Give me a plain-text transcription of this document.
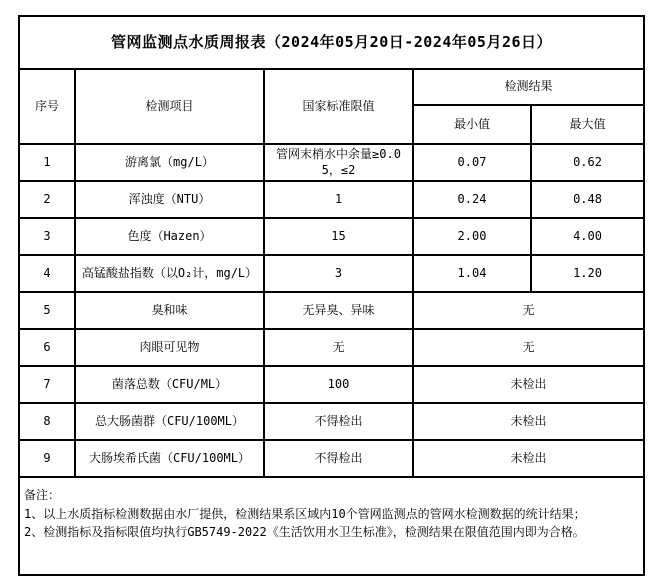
管网监测点水质周报表（2024年05月20日-2024年05月26日）				
序号	检测项目	国家标准限值	检测结果	
			最小值	最大值
1	游离氯（mg/L）	管网末梢水中余量≥0.05，≤2	0.07	0.62
2	浑浊度（NTU）	1	0.24	0.48
3	色度（Hazen）	15	2.00	4.00
4	高锰酸盐指数（以O₂计，mg/L）	3	1.04	1.20
5	臭和味	无异臭、异味	无	
6	肉眼可见物	无	无	
7	菌落总数（CFU/ML）	100	未检出	
8	总大肠菌群（CFU/100ML）	不得检出	未检出	
9	大肠埃希氏菌（CFU/100ML）	不得检出	未检出	

备注：
1、以上水质指标检测数据由水厂提供，检测结果系区域内10个管网监测点的管网水检测数据的统计结果；
2、检测指标及指标限值均执行GB5749-2022《生活饮用水卫生标准》，检测结果在限值范围内即为合格。				
